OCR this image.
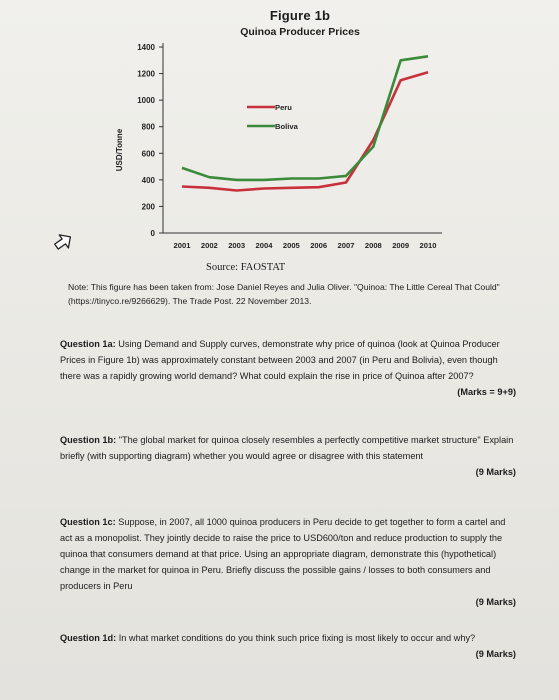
Figure 1b
Quinoa Producer Prices
0
200
400
600
800
1000
1200
1400
2001 2002 2003 2004 2005 2006 2007 2008 2009 2010
USD/Tonne
Peru
Boliva
Source: FAOSTAT
Note: This figure has been taken from: Jose Daniel Reyes and Julia Oliver. "Quinoa: The Little Cereal That Could" (https://tinyco.re/9266629). The Trade Post. 22 November 2013.
Question 1a: Using Demand and Supply curves, demonstrate why price of quinoa (look at Quinoa Producer Prices in Figure 1b) was approximately constant between 2003 and 2007 (in Peru and Bolivia), even though there was a rapidly growing world demand? What could explain the rise in price of Quinoa after 2007?
(Marks = 9+9)
Question 1b: "The global market for quinoa closely resembles a perfectly competitive market structure" Explain briefly (with supporting diagram) whether you would agree or disagree with this statement
(9 Marks)
Question 1c: Suppose, in 2007, all 1000 quinoa producers in Peru decide to get together to form a cartel and act as a monopolist. They jointly decide to raise the price to USD600/ton and reduce production to supply the quinoa that consumers demand at that price. Using an appropriate diagram, demonstrate this (hypothetical) change in the market for quinoa in Peru. Briefly discuss the possible gains / losses to both consumers and producers in Peru
(9 Marks)
Question 1d: In what market conditions do you think such price fixing is most likely to occur and why?
(9 Marks)
